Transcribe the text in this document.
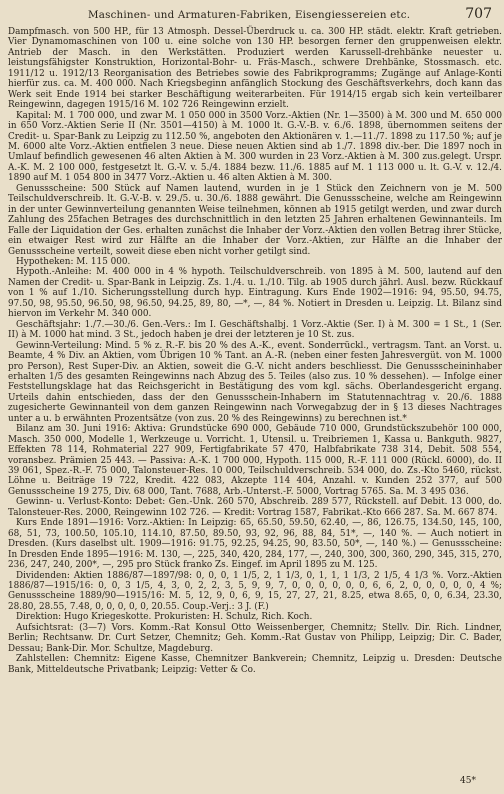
Maschinen- und Armaturen-Fabriken, Eisengiessereien etc.	707

Dampfmasch. von 500 HP., für 13 Atmosph. Dessel-Überdruck u. ca. 300 HP. städt. elektr. Kraft getrieben. Vier Dynamomaschinen von 100 u. eine solche von 130 HP. besorgen ferner den gruppenweisen elektr. Antrieb der Masch. in den Werkstätten. Produziert werden Karussell-drehbänke neuester u. leistungsfähigster Konstruktion, Horizontal-Bohr- u. Fräs-Masch., schwere Drehbänke, Stossmasch. etc. 1911/12 u. 1912/13 Reorganisation des Betriebes sowie des Fabrikprogramms; Zugänge auf Anlage-Konti hierfür zus. ca. M. 400 000. Nach Kriegsbeginn anfänglich Stockung des Geschäftsverkehrs, doch kann das Werk seit Ende 1914 bei starker Beschäftigung weiterarbeiten. Für 1914/15 ergab sich kein verteilbarer Reingewinn, dagegen 1915/16 M. 102 726 Reingewinn erzielt.

Kapital: M. 1 700 000, und zwar M. 1 050 000 in 3500 Vorz.-Aktien (Nr. 1—3500) à M. 300 und M. 650 000 in 650 Vorz.-Aktien Serie II (Nr. 3501—4150) à M. 1000 lt. G.-V.-B. v. 6./6. 1898, übernommen seitens der Credit- u. Spar-Bank zu Leipzig zu 112.50 %, angeboten den Aktionären v. 1.—11./7. 1898 zu 117.50 %; auf je M. 6000 alte Vorz.-Aktien entfielen 3 neue. Diese neuen Aktien sind ab 1./7. 1898 div.-ber. Die 1897 noch in Umlauf befindlich gewesenen 46 alten Aktien à M. 300 wurden in 23 Vorz.-Aktien à M. 300 zus.gelegt. Urspr. A.-K. M. 2 100 000, festgesetzt lt. G.-V. v. 5./4. 1884 bezw. 11./6. 1885 auf M. 1 113 000 u. lt. G.-V. v. 12./4. 1890 auf M. 1 054 800 in 3477 Vorz.-Aktien u. 46 alten Aktien à M. 300.

Genussscheine: 500 Stück auf Namen lautend, wurden in je 1 Stück den Zeichnern von je M. 500 Teilschuldverschreib. lt. G.-V.-B. v. 29./5. u. 30./6. 1888 gewährt. Die Genussscheine, welche am Reingewinn in der unter Gewinnverteilung genannten Weise teilnehmen, können ab 1915 getilgt werden, und zwar durch Zahlung des 25fachen Betrages des durchschnittlich in den letzten 25 Jahren erhaltenen Gewinnanteils. Im Falle der Liquidation der Ges. erhalten zunächst die Inhaber der Vorz.-Aktien den vollen Betrag ihrer Stücke, ein etwaiger Rest wird zur Hälfte an die Inhaber der Vorz.-Aktien, zur Hälfte an die Inhaber der Genussscheine verteilt, soweit diese eben nicht vorher getilgt sind.

Hypotheken: M. 115 000.

Hypoth.-Anleihe: M. 400 000 in 4 % hypoth. Teilschuldverschreib. von 1895 à M. 500, lautend auf den Namen der Credit- u. Spar-Bank in Leipzig. Zs. 1./4. u. 1./10. Tilg. ab 1905 durch jährl. Ausl. bezw. Rückkauf von 1 % auf 1./10. Sicherungsstellung durch hyp. Eintragung. Kurs Ende 1902—1916: 94, 95.50, 94.75, 97.50, 98, 95.50, 96.50, 98, 96.50, 94.25, 89, 80, —*, —, 84 %. Notiert in Dresden u. Leipzig. Lt. Bilanz sind hiervon im Verkehr M. 340 000.

Geschäftsjahr: 1./7.—30./6. Gen.-Vers.: Im I. Geschäftshalbj. 1 Vorz.-Aktie (Ser. I) à M. 300 = 1 St., 1 (Ser. II) à M. 1000 hat mind. 3 St., jedoch haben je drei der letzteren je 10 St. zus.

Gewinn-Verteilung: Mind. 5 % z. R.-F. bis 20 % des A.-K., event. Sonderrückl., vertragsm. Tant. an Vorst. u. Beamte, 4 % Div. an Aktien, vom Übrigen 10 % Tant. an A.-R. (neben einer festen Jahresvergüt. von M. 1000 pro Person), Rest Super-Div. an Aktien, soweit die G.-V. nicht anders beschliesst. Die Genussscheininhaber erhalten 1/5 des gesamten Reingewinns nach Abzug des 5. Teiles (also zus. 10 % dessehen). — Infolge einer Feststellungsklage hat das Reichsgericht in Bestätigung des vom kgl. sächs. Oberlandesgericht ergang. Urteils dahin entschieden, dass der den Genussschein-Inhabern im Statutennachtrag v. 20./6. 1888 zugesicherte Gewinnanteil von dem ganzen Reingewinn nach Vorwegabzug der in § 13 dieses Nachtrages unter a u. b erwähnten Prozentsätze (von zus. 20 % des Reingewinns) zu berechnen ist.*

Bilanz am 30. Juni 1916: Aktiva: Grundstücke 690 000, Gebäude 710 000, Grundstückszubehör 100 000, Masch. 350 000, Modelle 1, Werkzeuge u. Vorricht. 1, Utensil. u. Treibriemen 1, Kassa u. Bankguth. 9827, Effekten 78 114, Rohmaterial 227 909, Fertigfabrikate 57 470, Halbfabrikate 738 314, Debit. 508 554, voransbez. Prämien 25 443. — Passiva: A.-K. 1 700 000, Hypoth. 115 000, R.-F. 111 000 (Rückl. 6000), do. II 39 061, Spez.-R.-F. 75 000, Talonsteuer-Res. 10 000, Teilschuldverschreib. 534 000, do. Zs.-Kto 5460, rückst. Löhne u. Beiträge 19 722, Kredit. 422 083, Akzepte 114 404, Anzahl. v. Kunden 252 377, auf 500 Genussscheine 19 275, Div. 68 000, Tant. 7688, Arb.-Unterst.-F. 5000, Vortrag 5765. Sa. M. 3 495 036.

Gewinn- u. Verlust-Konto: Debet: Gen.-Unk. 260 570, Abschreib. 289 577, Rückstell. auf Debit. 13 000, do. Talonsteuer-Res. 2000, Reingewinn 102 726. — Kredit: Vortrag 1587, Fabrikat.-Kto 666 287. Sa. M. 667 874.

Kurs Ende 1891—1916: Vorz.-Aktien: In Leipzig: 65, 65.50, 59.50, 62.40, —, 86, 126.75, 134.50, 145, 100, 68, 51, 73, 100.50, 105.10, 114.10, 87.50, 89.50, 93, 92, 96, 88, 84, 51*, —, 140 %. — Auch notiert in Dresden. (Kurs daselbst ult. 1909—1916: 91.75, 92.25, 94.25, 90, 83.50, 50*, —, 140 %.) — Genussscheine: In Dresden Ende 1895—1916: M. 130, —, 225, 340, 420, 284, 177, —, 240, 300, 300, 360, 290, 345, 315, 270, 236, 247, 240, 200*, —, 295 pro Stück franko Zs. Eingef. im April 1895 zu M. 125.

Dividenden: Aktien 1886/87—1897/98: 0, 0, 0, 1 1/5, 2, 1 1/3, 0, 1, 1, 1 1/3, 2 1/5, 4 1/3 %. Vorz.-Aktien 1886/87—1915/16: 0, 0, 3 1/5, 4, 3, 0, 2, 2, 3, 5, 9, 9, 7, 0, 0, 0, 0, 0, 0, 6, 6, 2, 0, 0, 0, 0, 0, 4 %; Genussscheine 1889/90—1915/16: M. 5, 12, 9, 0, 6, 9, 15, 27, 27, 21, 8.25, etwa 8.65, 0, 0, 6.34, 23.30, 28.80, 28.55, 7.48, 0, 0, 0, 0, 0, 20.55. Coup.-Verj.: 3 J. (F.)

Direktion: Hugo Kriegeskotte. Prokuristen: H. Schulz, Rich. Koch.

Aufsichtsrat: (3—7) Vors. Komm.-Rat Konsul Otto Weissenberger, Chemnitz; Stellv. Dir. Rich. Lindner, Berlin; Rechtsanw. Dr. Curt Setzer, Chemnitz; Geh. Komm.-Rat Gustav von Philipp, Leipzig; Dir. C. Bader, Dessau; Bank-Dir. Mor. Schultze, Magdeburg.

Zahlstellen: Chemnitz: Eigene Kasse, Chemnitzer Bankverein; Chemnitz, Leipzig u. Dresden: Deutsche Bank, Mitteldeutsche Privatbank; Leipzig: Vetter & Co.

45*
